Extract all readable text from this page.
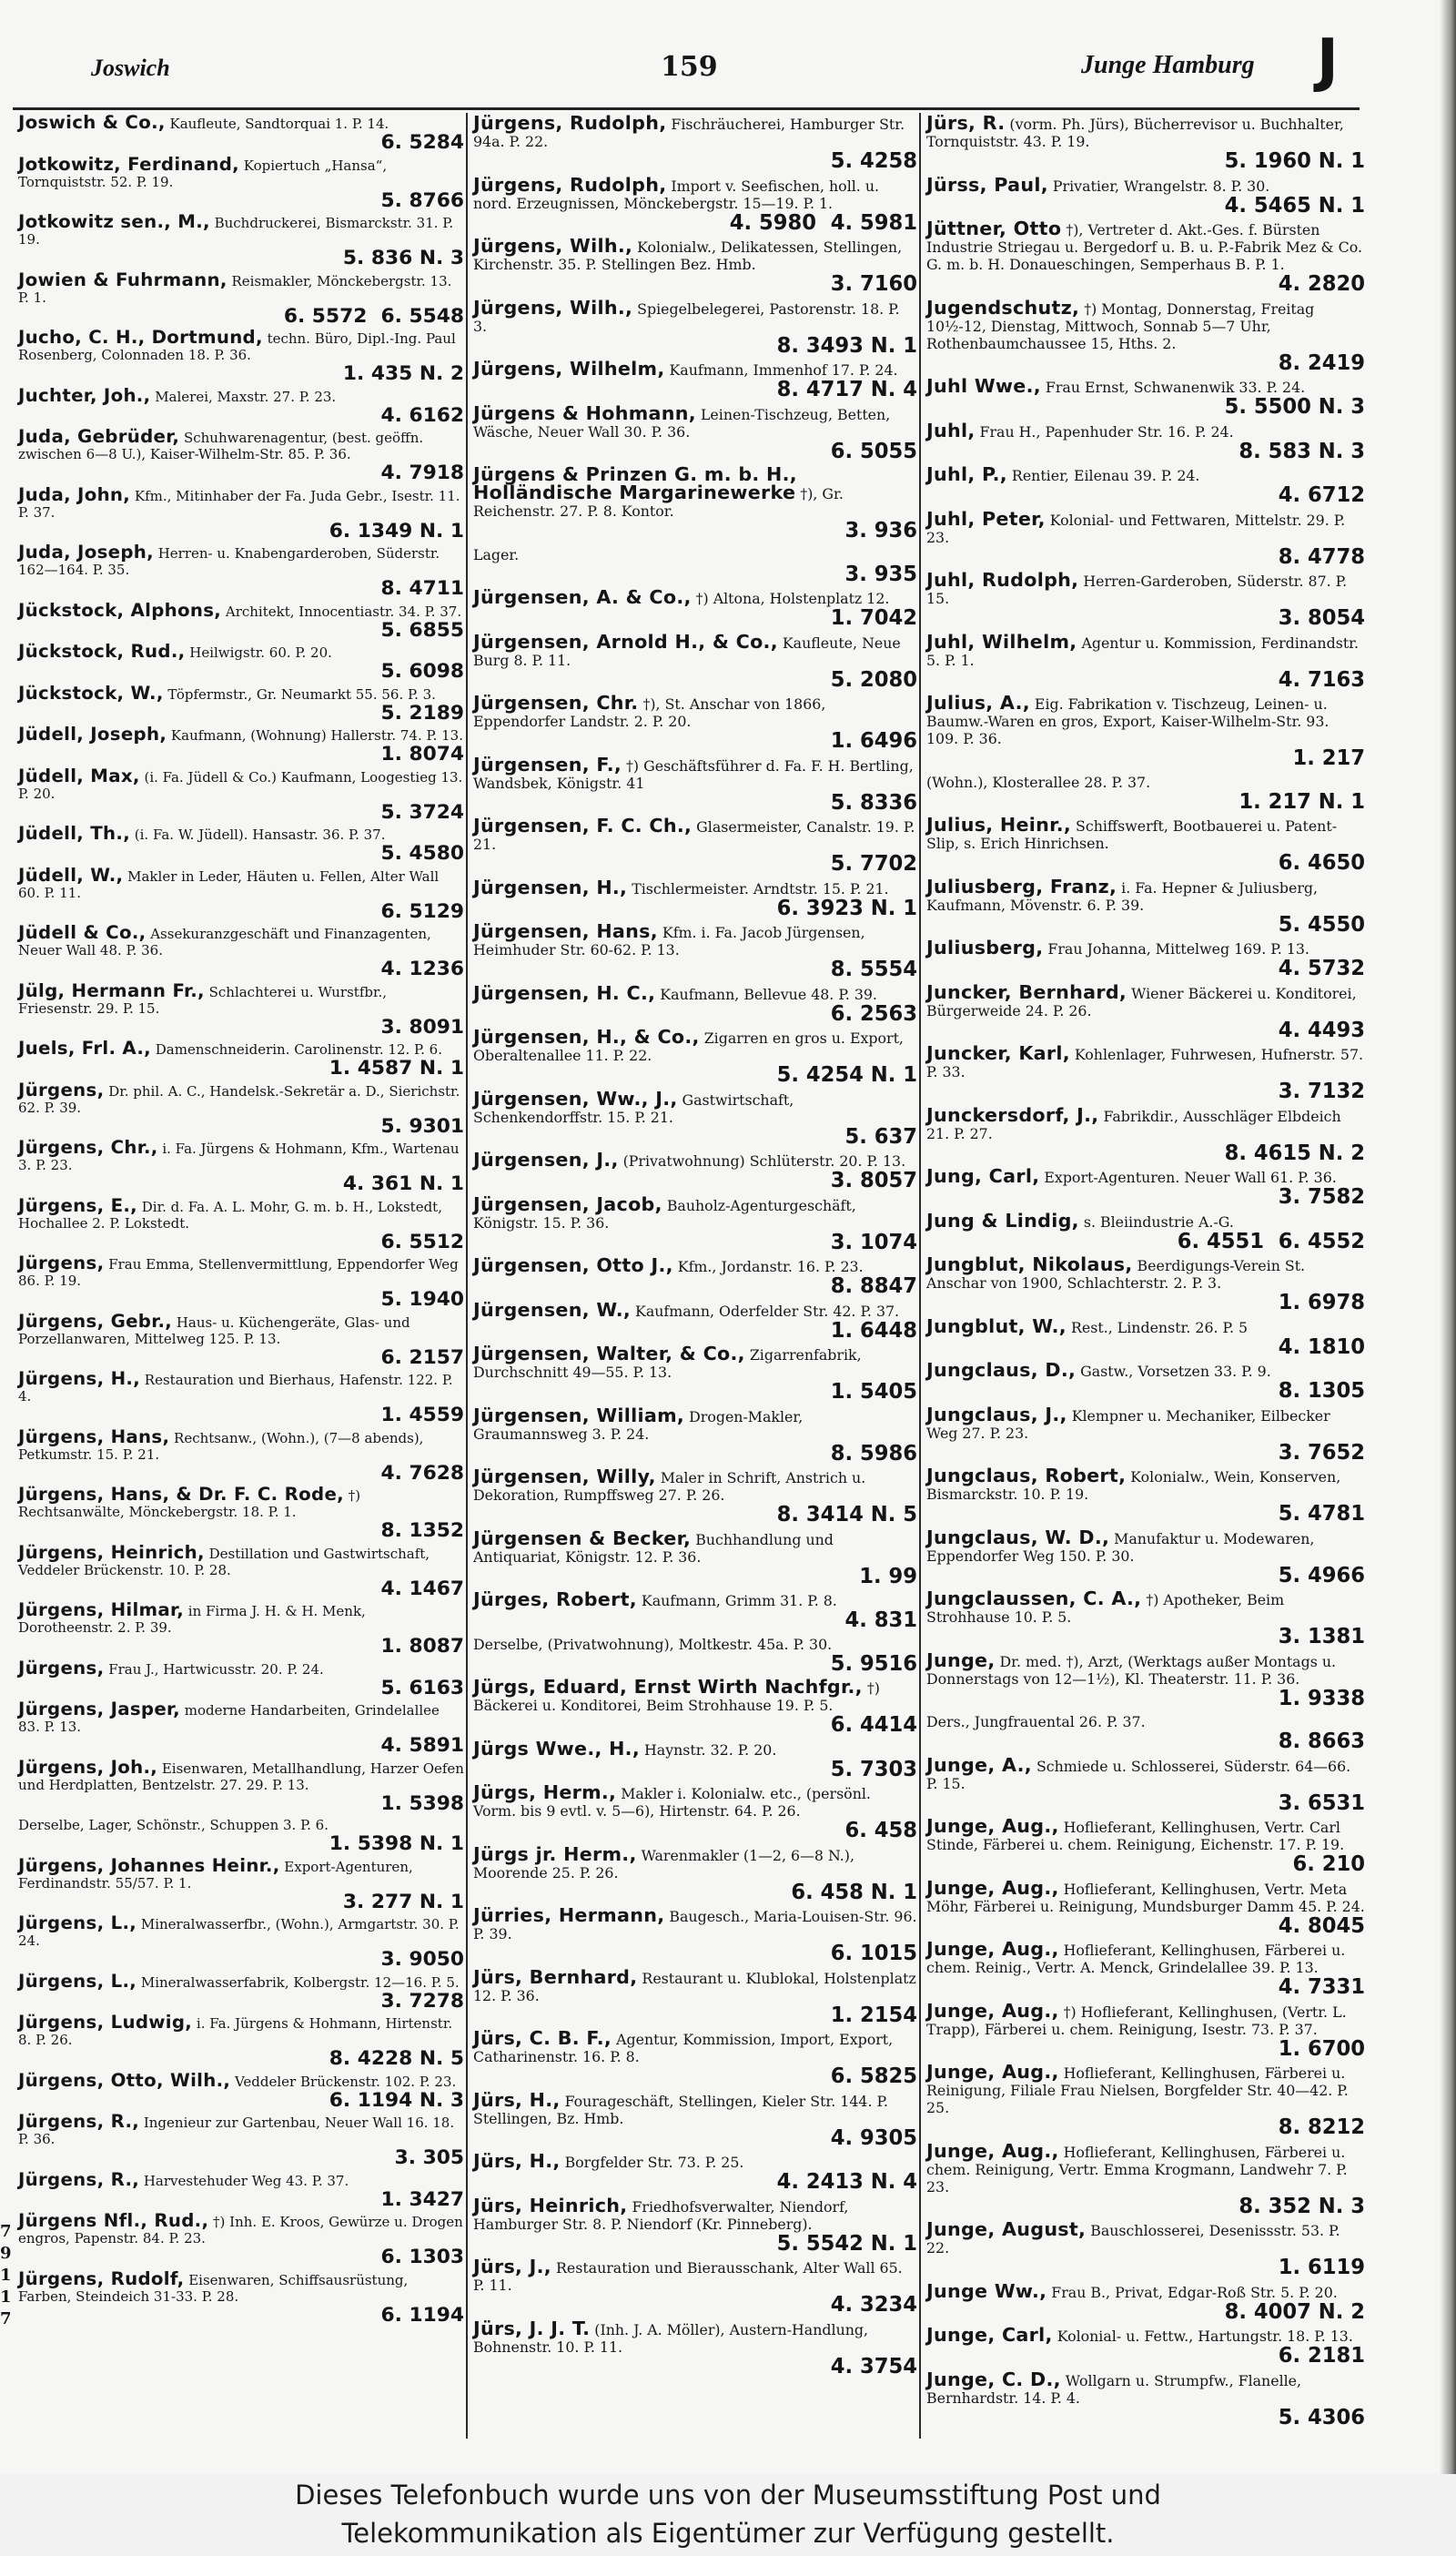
7
9
1
1
7
Joswich	159	Junge Hamburg J
Joswich & Co., Kaufleute, Sandtorquai 1. P. 14.
6. 5284
Jotkowitz, Ferdinand, Kopiertuch „Hansa“, Tornquiststr. 52. P. 19.
5. 8766
Jotkowitz sen., M., Buchdruckerei, Bismarckstr. 31. P. 19.
5. 836 N. 3
Jowien & Fuhrmann, Reismakler, Mönckebergstr. 13. P. 1.
6. 5572  6. 5548
Jucho, C. H., Dortmund, techn. Büro, Dipl.-Ing. Paul Rosenberg, Colonnaden 18. P. 36.
1. 435 N. 2
Juchter, Joh., Malerei, Maxstr. 27. P. 23.
4. 6162
Juda, Gebrüder, Schuhwarenagentur, (best. geöffn. zwischen 6—8 U.), Kaiser-Wilhelm-Str. 85. P. 36.
4. 7918
Juda, John, Kfm., Mitinhaber der Fa. Juda Gebr., Isestr. 11. P. 37.
6. 1349 N. 1
Juda, Joseph, Herren- u. Knabengarderoben, Süderstr. 162—164. P. 35.
8. 4711
Jückstock, Alphons, Architekt, Innocentiastr. 34. P. 37.
5. 6855
Jückstock, Rud., Heilwigstr. 60. P. 20.
5. 6098
Jückstock, W., Töpfermstr., Gr. Neumarkt 55. 56. P. 3.
5. 2189
Jüdell, Joseph, Kaufmann, (Wohnung) Hallerstr. 74. P. 13.
1. 8074
Jüdell, Max, (i. Fa. Jüdell & Co.) Kaufmann, Loogestieg 13. P. 20.
5. 3724
Jüdell, Th., (i. Fa. W. Jüdell). Hansastr. 36. P. 37.
5. 4580
Jüdell, W., Makler in Leder, Häuten u. Fellen, Alter Wall 60. P. 11.
6. 5129
Jüdell & Co., Assekuranzgeschäft und Finanzagenten, Neuer Wall 48. P. 36.
4. 1236
Jülg, Hermann Fr., Schlachterei u. Wurstfbr., Friesenstr. 29. P. 15.
3. 8091
Juels, Frl. A., Damenschneiderin. Carolinenstr. 12. P. 6.
1. 4587 N. 1
Jürgens, Dr. phil. A. C., Handelsk.-Sekretär a. D., Sierichstr. 62. P. 39.
5. 9301
Jürgens, Chr., i. Fa. Jürgens & Hohmann, Kfm., Wartenau 3. P. 23.
4. 361 N. 1
Jürgens, E., Dir. d. Fa. A. L. Mohr, G. m. b. H., Lokstedt, Hochallee 2. P. Lokstedt.
6. 5512
Jürgens, Frau Emma, Stellenvermittlung, Eppendorfer Weg 86. P. 19.
5. 1940
Jürgens, Gebr., Haus- u. Küchengeräte, Glas- und Porzellanwaren, Mittelweg 125. P. 13.
6. 2157
Jürgens, H., Restauration und Bierhaus, Hafenstr. 122. P. 4.
1. 4559
Jürgens, Hans, Rechtsanw., (Wohn.), (7—8 abends), Petkumstr. 15. P. 21.
4. 7628
Jürgens, Hans, & Dr. F. C. Rode, †) Rechtsanwälte, Mönckebergstr. 18. P. 1.
8. 1352
Jürgens, Heinrich, Destillation und Gastwirtschaft, Veddeler Brückenstr. 10. P. 28.
4. 1467
Jürgens, Hilmar, in Firma J. H. & H. Menk, Dorotheenstr. 2. P. 39.
1. 8087
Jürgens, Frau J., Hartwicusstr. 20. P. 24.
5. 6163
Jürgens, Jasper, moderne Handarbeiten, Grindelallee 83. P. 13.
4. 5891
Jürgens, Joh., Eisenwaren, Metallhandlung, Harzer Oefen und Herdplatten, Bentzelstr. 27. 29. P. 13.
1. 5398
Derselbe, Lager, Schönstr., Schuppen 3. P. 6.
1. 5398 N. 1
Jürgens, Johannes Heinr., Export-Agenturen, Ferdinandstr. 55/57. P. 1.
3. 277 N. 1
Jürgens, L., Mineralwasserfbr., (Wohn.), Armgartstr. 30. P. 24.
3. 9050
Jürgens, L., Mineralwasserfabrik, Kolbergstr. 12—16. P. 5.
3. 7278
Jürgens, Ludwig, i. Fa. Jürgens & Hohmann, Hirtenstr. 8. P. 26.
8. 4228 N. 5
Jürgens, Otto, Wilh., Veddeler Brückenstr. 102. P. 23.
6. 1194 N. 3
Jürgens, R., Ingenieur zur Gartenbau, Neuer Wall 16. 18. P. 36.
3. 305
Jürgens, R., Harvestehuder Weg 43. P. 37.
1. 3427
Jürgens Nfl., Rud., †) Inh. E. Kroos, Gewürze u. Drogen engros, Papenstr. 84. P. 23.
6. 1303
Jürgens, Rudolf, Eisenwaren, Schiffsausrüstung, Farben, Steindeich 31-33. P. 28.
6. 1194
Jürgens, Rudolph, Fischräucherei, Hamburger Str. 94a. P. 22.
5. 4258
Jürgens, Rudolph, Import v. Seefischen, holl. u. nord. Erzeugnissen, Mönckebergstr. 15—19. P. 1.
4. 5980  4. 5981
Jürgens, Wilh., Kolonialw., Delikatessen, Stellingen, Kirchenstr. 35. P. Stellingen Bez. Hmb.
3. 7160
Jürgens, Wilh., Spiegelbelegerei, Pastorenstr. 18. P. 3.
8. 3493 N. 1
Jürgens, Wilhelm, Kaufmann, Immenhof 17. P. 24.
8. 4717 N. 4
Jürgens & Hohmann, Leinen-Tischzeug, Betten, Wäsche, Neuer Wall 30. P. 36.
6. 5055
Jürgens & Prinzen G. m. b. H., Holländische Margarinewerke †), Gr. Reichenstr. 27. P. 8. Kontor.
3. 936
Lager.
3. 935
Jürgensen, A. & Co., †) Altona, Holstenplatz 12.
1. 7042
Jürgensen, Arnold H., & Co., Kaufleute, Neue Burg 8. P. 11.
5. 2080
Jürgensen, Chr. †), St. Anschar von 1866, Eppendorfer Landstr. 2. P. 20.
1. 6496
Jürgensen, F., †) Geschäftsführer d. Fa. F. H. Bertling, Wandsbek, Königstr. 41
5. 8336
Jürgensen, F. C. Ch., Glasermeister, Canalstr. 19. P. 21.
5. 7702
Jürgensen, H., Tischlermeister. Arndtstr. 15. P. 21.
6. 3923 N. 1
Jürgensen, Hans, Kfm. i. Fa. Jacob Jürgensen, Heimhuder Str. 60-62. P. 13.
8. 5554
Jürgensen, H. C., Kaufmann, Bellevue 48. P. 39.
6. 2563
Jürgensen, H., & Co., Zigarren en gros u. Export, Oberaltenallee 11. P. 22.
5. 4254 N. 1
Jürgensen, Ww., J., Gastwirtschaft, Schenkendorffstr. 15. P. 21.
5. 637
Jürgensen, J., (Privatwohnung) Schlüterstr. 20. P. 13.
3. 8057
Jürgensen, Jacob, Bauholz-Agenturgeschäft, Königstr. 15. P. 36.
3. 1074
Jürgensen, Otto J., Kfm., Jordanstr. 16. P. 23.
8. 8847
Jürgensen, W., Kaufmann, Oderfelder Str. 42. P. 37.
1. 6448
Jürgensen, Walter, & Co., Zigarrenfabrik, Durchschnitt 49—55. P. 13.
1. 5405
Jürgensen, William, Drogen-Makler, Graumannsweg 3. P. 24.
8. 5986
Jürgensen, Willy, Maler in Schrift, Anstrich u. Dekoration, Rumpffsweg 27. P. 26.
8. 3414 N. 5
Jürgensen & Becker, Buchhandlung und Antiquariat, Königstr. 12. P. 36.
1. 99
Jürges, Robert, Kaufmann, Grimm 31. P. 8.
4. 831
Derselbe, (Privatwohnung), Moltkestr. 45a. P. 30.
5. 9516
Jürgs, Eduard, Ernst Wirth Nachfgr., †) Bäckerei u. Konditorei, Beim Strohhause 19. P. 5.
6. 4414
Jürgs Wwe., H., Haynstr. 32. P. 20.
5. 7303
Jürgs, Herm., Makler i. Kolonialw. etc., (persönl. Vorm. bis 9 evtl. v. 5—6), Hirtenstr. 64. P. 26.
6. 458
Jürgs jr. Herm., Warenmakler (1—2, 6—8 N.), Moorende 25. P. 26.
6. 458 N. 1
Jürries, Hermann, Baugesch., Maria-Louisen-Str. 96. P. 39.
6. 1015
Jürs, Bernhard, Restaurant u. Klublokal, Holstenplatz 12. P. 36.
1. 2154
Jürs, C. B. F., Agentur, Kommission, Import, Export, Catharinenstr. 16. P. 8.
6. 5825
Jürs, H., Fourageschäft, Stellingen, Kieler Str. 144. P. Stellingen, Bz. Hmb.
4. 9305
Jürs, H., Borgfelder Str. 73. P. 25.
4. 2413 N. 4
Jürs, Heinrich, Friedhofsverwalter, Niendorf, Hamburger Str. 8. P. Niendorf (Kr. Pinneberg).
5. 5542 N. 1
Jürs, J., Restauration und Bierausschank, Alter Wall 65. P. 11.
4. 3234
Jürs, J. J. T. (Inh. J. A. Möller), Austern-Handlung, Bohnenstr. 10. P. 11.
4. 3754
Jürs, R. (vorm. Ph. Jürs), Bücherrevisor u. Buchhalter, Tornquiststr. 43. P. 19.
5. 1960 N. 1
Jürss, Paul, Privatier, Wrangelstr. 8. P. 30.
4. 5465 N. 1
Jüttner, Otto †), Vertreter d. Akt.-Ges. f. Bürsten Industrie Striegau u. Bergedorf u. B. u. P.-Fabrik Mez & Co. G. m. b. H. Donaueschingen, Semperhaus B. P. 1.
4. 2820
Jugendschutz, †) Montag, Donnerstag, Freitag 10½-12, Dienstag, Mittwoch, Sonnab 5—7 Uhr, Rothenbaumchaussee 15, Hths. 2.
8. 2419
Juhl Wwe., Frau Ernst, Schwanenwik 33. P. 24.
5. 5500 N. 3
Juhl, Frau H., Papenhuder Str. 16. P. 24.
8. 583 N. 3
Juhl, P., Rentier, Eilenau 39. P. 24.
4. 6712
Juhl, Peter, Kolonial- und Fettwaren, Mittelstr. 29. P. 23.
8. 4778
Juhl, Rudolph, Herren-Garderoben, Süderstr. 87. P. 15.
3. 8054
Juhl, Wilhelm, Agentur u. Kommission, Ferdinandstr. 5. P. 1.
4. 7163
Julius, A., Eig. Fabrikation v. Tischzeug, Leinen- u. Baumw.-Waren en gros, Export, Kaiser-Wilhelm-Str. 93. 109. P. 36.
1. 217
(Wohn.), Klosterallee 28. P. 37.
1. 217 N. 1
Julius, Heinr., Schiffswerft, Bootbauerei u. Patent-Slip, s. Erich Hinrichsen.
6. 4650
Juliusberg, Franz, i. Fa. Hepner & Juliusberg, Kaufmann, Mövenstr. 6. P. 39.
5. 4550
Juliusberg, Frau Johanna, Mittelweg 169. P. 13.
4. 5732
Juncker, Bernhard, Wiener Bäckerei u. Konditorei, Bürgerweide 24. P. 26.
4. 4493
Juncker, Karl, Kohlenlager, Fuhrwesen, Hufnerstr. 57. P. 33.
3. 7132
Junckersdorf, J., Fabrikdir., Ausschläger Elbdeich 21. P. 27.
8. 4615 N. 2
Jung, Carl, Export-Agenturen. Neuer Wall 61. P. 36.
3. 7582
Jung & Lindig, s. Bleiindustrie A.-G.
6. 4551  6. 4552
Jungblut, Nikolaus, Beerdigungs-Verein St. Anschar von 1900, Schlachterstr. 2. P. 3.
1. 6978
Jungblut, W., Rest., Lindenstr. 26. P. 5
4. 1810
Jungclaus, D., Gastw., Vorsetzen 33. P. 9.
8. 1305
Jungclaus, J., Klempner u. Mechaniker, Eilbecker Weg 27. P. 23.
3. 7652
Jungclaus, Robert, Kolonialw., Wein, Konserven, Bismarckstr. 10. P. 19.
5. 4781
Jungclaus, W. D., Manufaktur u. Modewaren, Eppendorfer Weg 150. P. 30.
5. 4966
Jungclaussen, C. A., †) Apotheker, Beim Strohhause 10. P. 5.
3. 1381
Junge, Dr. med. †), Arzt, (Werktags außer Montags u. Donnerstags von 12—1½), Kl. Theaterstr. 11. P. 36.
1. 9338
Ders., Jungfrauental 26. P. 37.
8. 8663
Junge, A., Schmiede u. Schlosserei, Süderstr. 64—66. P. 15.
3. 6531
Junge, Aug., Hoflieferant, Kellinghusen, Vertr. Carl Stinde, Färberei u. chem. Reinigung, Eichenstr. 17. P. 19.
6. 210
Junge, Aug., Hoflieferant, Kellinghusen, Vertr. Meta Möhr, Färberei u. Reinigung, Mundsburger Damm 45. P. 24.
4. 8045
Junge, Aug., Hoflieferant, Kellinghusen, Färberei u. chem. Reinig., Vertr. A. Menck, Grindelallee 39. P. 13.
4. 7331
Junge, Aug., †) Hoflieferant, Kellinghusen, (Vertr. L. Trapp), Färberei u. chem. Reinigung, Isestr. 73. P. 37.
1. 6700
Junge, Aug., Hoflieferant, Kellinghusen, Färberei u. Reinigung, Filiale Frau Nielsen, Borgfelder Str. 40—42. P. 25.
8. 8212
Junge, Aug., Hoflieferant, Kellinghusen, Färberei u. chem. Reinigung, Vertr. Emma Krogmann, Landwehr 7. P. 23.
8. 352 N. 3
Junge, August, Bauschlosserei, Desenissstr. 53. P. 22.
1. 6119
Junge Ww., Frau B., Privat, Edgar-Roß Str. 5. P. 20.
8. 4007 N. 2
Junge, Carl, Kolonial- u. Fettw., Hartungstr. 18. P. 13.
6. 2181
Junge, C. D., Wollgarn u. Strumpfw., Flanelle, Bernhardstr. 14. P. 4.
5. 4306
Dieses Telefonbuch wurde uns von der Museumsstiftung Post und
Telekommunikation als Eigentümer zur Verfügung gestellt.
